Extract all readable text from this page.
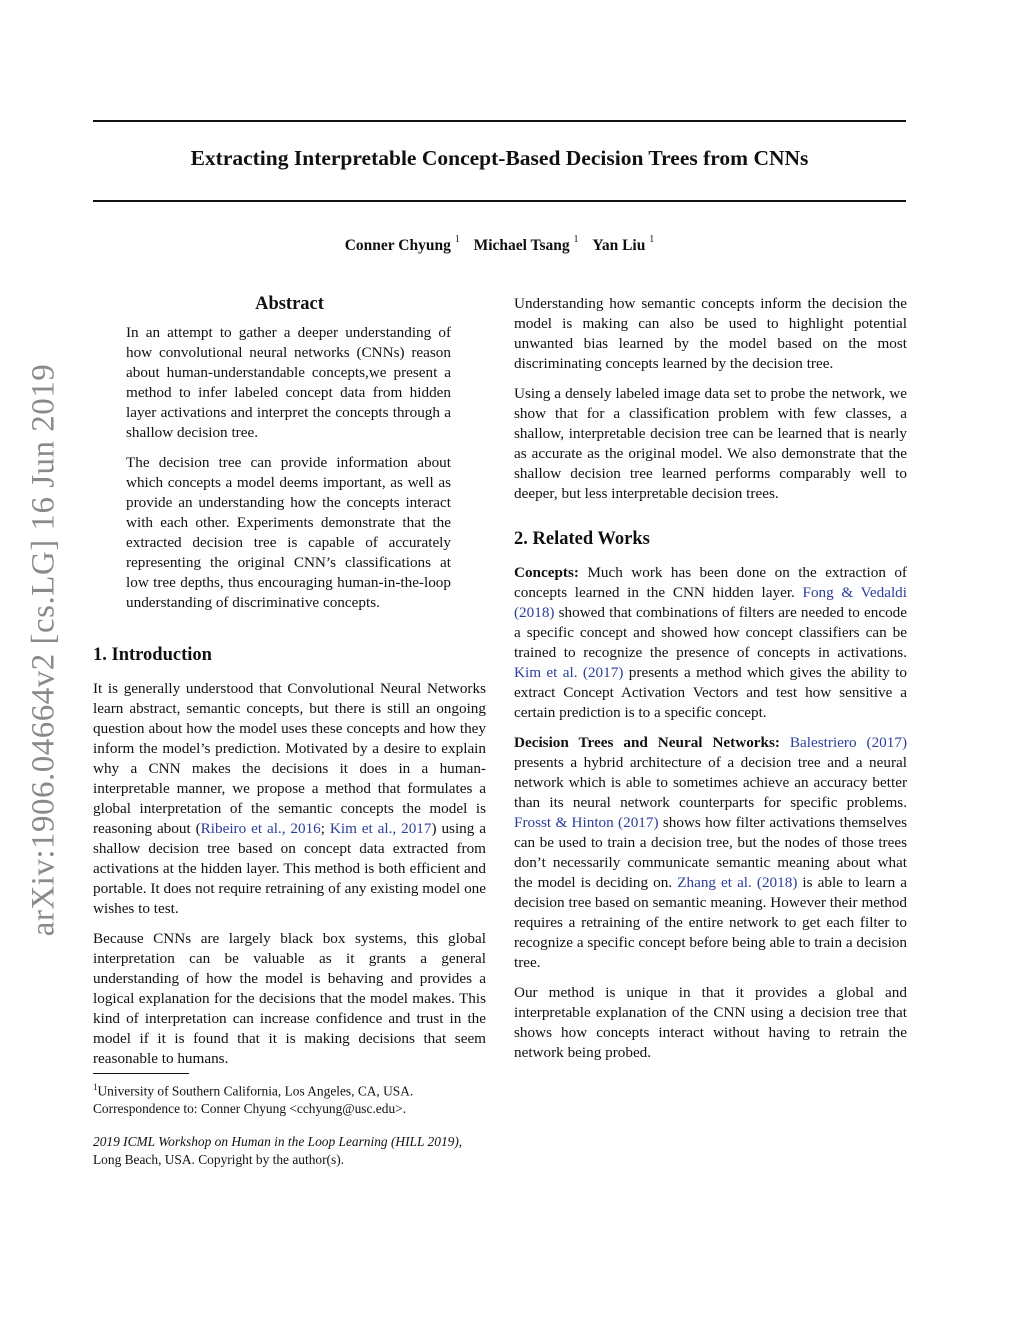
Extracting Interpretable Concept-Based Decision Trees from CNNs
Conner Chyung $^1$ Michael Tsang $^1$ Yan Liu $^1$
arXiv:1906.04664v2 [cs.LG] 16 Jun 2019
Abstract

In an attempt to gather a deeper understanding of how convolutional neural networks (CNNs) reason about human-understandable concepts,we present a method to infer labeled concept data from hidden layer activations and interpret the concepts through a shallow decision tree.

The decision tree can provide information about which concepts a model deems important, as well as provide an understanding how the concepts interact with each other. Experiments demonstrate that the extracted decision tree is capable of accurately representing the original CNN’s classifications at low tree depths, thus encouraging human-in-the-loop understanding of discriminative concepts.

1. Introduction

It is generally understood that Convolutional Neural Networks learn abstract, semantic concepts, but there is still an ongoing question about how the model uses these concepts and how they inform the model’s prediction. Motivated by a desire to explain why a CNN makes the decisions it does in a human-interpretable manner, we propose a method that formulates a global interpretation of the semantic concepts the model is reasoning about (Ribeiro et al., 2016; Kim et al., 2017) using a shallow decision tree based on concept data extracted from activations at the hidden layer. This method is both efficient and portable. It does not require retraining of any existing model one wishes to test.

Because CNNs are largely black box systems, this global interpretation can be valuable as it grants a general understanding of how the model is behaving and provides a logical explanation for the decisions that the model makes. This kind of interpretation can increase confidence and trust in the model if it is found that it is making decisions that seem reasonable to humans.

$^1$University of Southern California, Los Angeles, CA, USA. Correspondence to: Conner Chyung <cchyung@usc.edu>.

2019 ICML Workshop on Human in the Loop Learning (HILL 2019), Long Beach, USA. Copyright by the author(s).

Understanding how semantic concepts inform the decision the model is making can also be used to highlight potential unwanted bias learned by the model based on the most discriminating concepts learned by the decision tree.

Using a densely labeled image data set to probe the network, we show that for a classification problem with few classes, a shallow, interpretable decision tree can be learned that is nearly as accurate as the original model. We also demonstrate that the shallow decision tree learned performs comparably well to deeper, but less interpretable decision trees.

2. Related Works

Concepts: Much work has been done on the extraction of concepts learned in the CNN hidden layer. Fong & Vedaldi (2018) showed that combinations of filters are needed to encode a specific concept and showed how concept classifiers can be trained to recognize the presence of concepts in activations. Kim et al. (2017) presents a method which gives the ability to extract Concept Activation Vectors and test how sensitive a certain prediction is to a specific concept.

Decision Trees and Neural Networks: Balestriero (2017) presents a hybrid architecture of a decision tree and a neural network which is able to sometimes achieve an accuracy better than its neural network counterparts for specific problems. Frosst & Hinton (2017) shows how filter activations themselves can be used to train a decision tree, but the nodes of those trees don’t necessarily communicate semantic meaning about what the model is deciding on. Zhang et al. (2018) is able to learn a decision tree based on semantic meaning. However their method requires a retraining of the entire network to get each filter to recognize a specific concept before being able to train a decision tree.

Our method is unique in that it provides a global and interpretable explanation of the CNN using a decision tree that shows how concepts interact without having to retrain the network being probed.
